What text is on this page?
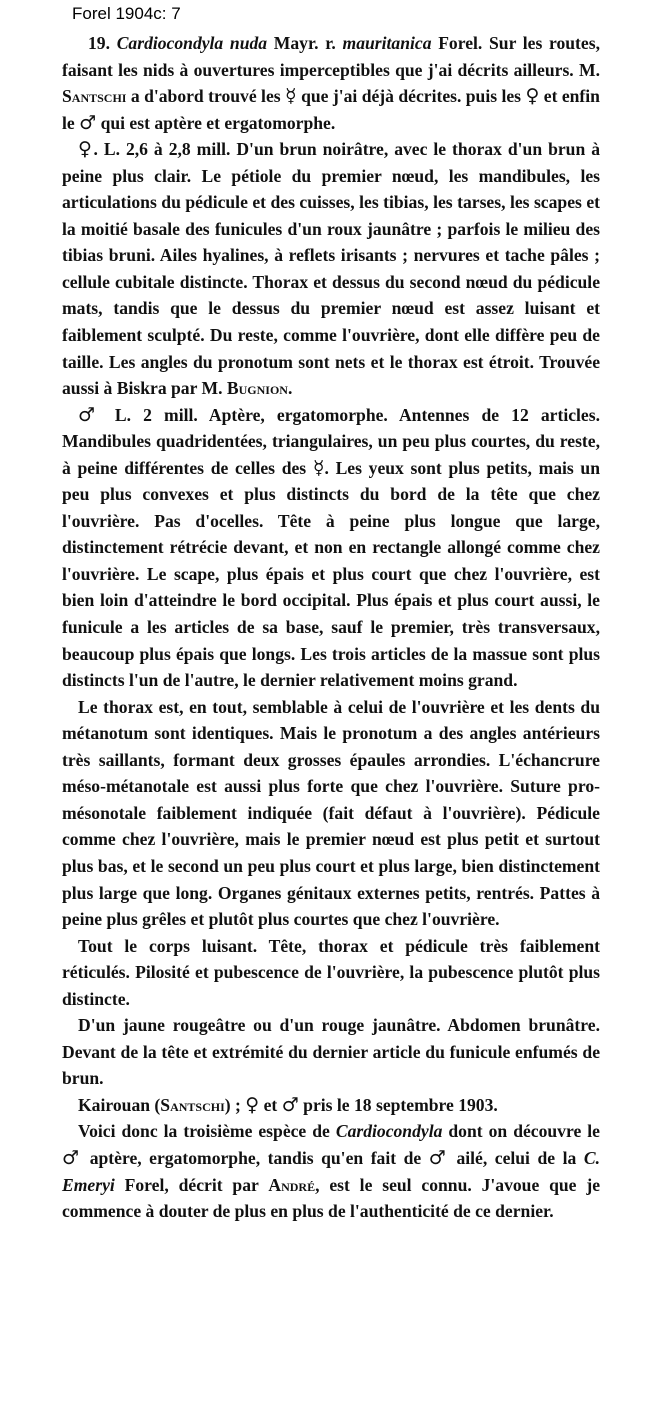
Forel 1904c: 7

19. Cardiocondyla nuda Mayr. r. mauritanica Forel. Sur les routes, faisant les nids à ouvertures imperceptibles que j'ai décrits ailleurs. M. Santschi a d'abord trouvé les ☿ que j'ai déjà décrites. puis les ♀ et enfin le ♂ qui est aptère et ergatomorphe.

♀. L. 2,6 à 2,8 mill. D'un brun noirâtre, avec le thorax d'un brun à peine plus clair. Le pétiole du premier nœud, les mandibules, les articulations du pédicule et des cuisses, les tibias, les tarses, les scapes et la moitié basale des funicules d'un roux jaunâtre ; parfois le milieu des tibias bruni. Ailes hyalines, à reflets irisants ; nervures et tache pâles ; cellule cubitale distincte. Thorax et dessus du second nœud du pédicule mats, tandis que le dessus du premier nœud est assez luisant et faiblement sculpté. Du reste, comme l'ouvrière, dont elle diffère peu de taille. Les angles du pronotum sont nets et le thorax est étroit. Trouvée aussi à Biskra par M. Bugnion.

♂ L. 2 mill. Aptère, ergatomorphe. Antennes de 12 articles. Mandibules quadridentées, triangulaires, un peu plus courtes, du reste, à peine différentes de celles des ☿. Les yeux sont plus petits, mais un peu plus convexes et plus distincts du bord de la tête que chez l'ouvrière. Pas d'ocelles. Tête à peine plus longue que large, distinctement rétrécie devant, et non en rectangle allongé comme chez l'ouvrière. Le scape, plus épais et plus court que chez l'ouvrière, est bien loin d'atteindre le bord occipital. Plus épais et plus court aussi, le funicule a les articles de sa base, sauf le premier, très transversaux, beaucoup plus épais que longs. Les trois articles de la massue sont plus distincts l'un de l'autre, le dernier relativement moins grand.

Le thorax est, en tout, semblable à celui de l'ouvrière et les dents du métanotum sont identiques. Mais le pronotum a des angles antérieurs très saillants, formant deux grosses épaules arrondies. L'échancrure méso-métanotale est aussi plus forte que chez l'ouvrière. Suture pro-mésonotale faiblement indiquée (fait défaut à l'ouvrière). Pédicule comme chez l'ouvrière, mais le premier nœud est plus petit et surtout plus bas, et le second un peu plus court et plus large, bien distinctement plus large que long. Organes génitaux externes petits, rentrés. Pattes à peine plus grêles et plutôt plus courtes que chez l'ouvrière.

Tout le corps luisant. Tête, thorax et pédicule très faiblement réticulés. Pilosité et pubescence de l'ouvrière, la pubescence plutôt plus distincte.

D'un jaune rougeâtre ou d'un rouge jaunâtre. Abdomen brunâtre. Devant de la tête et extrémité du dernier article du funicule enfumés de brun.

Kairouan (Santschi) ; ♀ et ♂ pris le 18 septembre 1903.

Voici donc la troisième espèce de Cardiocondyla dont on découvre le ♂ aptère, ergatomorphe, tandis qu'en fait de ♂ ailé, celui de la C. Emeryi Forel, décrit par André, est le seul connu. J'avoue que je commence à douter de plus en plus de l'authenticité de ce dernier.
